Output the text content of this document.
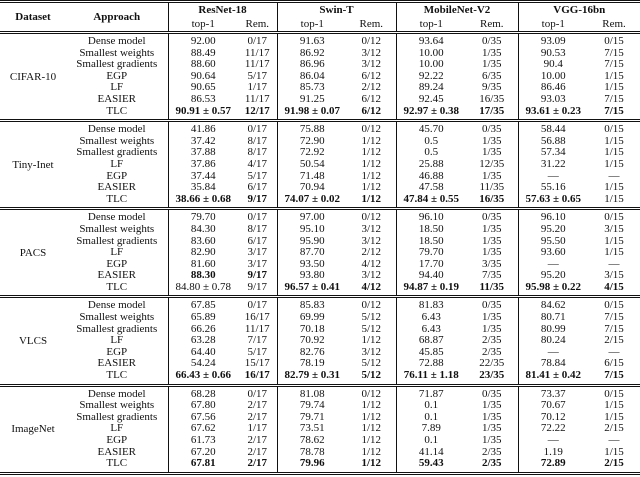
Dataset	Approach	ResNet-18		Swin-T		MobileNet-V2		VGG-16bn	
		top-1	Rem.	top-1	Rem.	top-1	Rem.	top-1	Rem.
CIFAR-10	Dense model	92.00	0/17	91.63	0/12	93.64	0/35	93.09	0/15
	Smallest weights	88.49	11/17	86.92	3/12	10.00	1/35	90.53	7/15
	Smallest gradients	88.60	11/17	86.96	3/12	10.00	1/35	90.4	7/15
	EGP	90.64	5/17	86.04	6/12	92.22	6/35	10.00	1/15
	LF	90.65	1/17	85.73	2/12	89.24	9/35	86.46	1/15
	EASIER	86.53	11/17	91.25	6/12	92.45	16/35	93.03	7/15
	TLC	90.91 ± 0.57	12/17	91.98 ± 0.07	6/12	92.97 ± 0.38	17/35	93.61 ± 0.23	7/15
Tiny-Inet	Dense model	41.86	0/17	75.88	0/12	45.70	0/35	58.44	0/15
	Smallest weights	37.42	8/17	72.90	1/12	0.5	1/35	56.88	1/15
	Smallest gradients	37.88	8/17	72.92	1/12	0.5	1/35	57.34	1/15
	LF	37.86	4/17	50.54	1/12	25.88	12/35	31.22	1/15
	EGP	37.44	5/17	71.48	1/12	46.88	1/35	—	—
	EASIER	35.84	6/17	70.94	1/12	47.58	11/35	55.16	1/15
	TLC	38.66 ± 0.68	9/17	74.07 ± 0.02	1/12	47.84 ± 0.55	16/35	57.63 ± 0.65	1/15
PACS	Dense model	79.70	0/17	97.00	0/12	96.10	0/35	96.10	0/15
	Smallest weights	84.30	8/17	95.10	3/12	18.50	1/35	95.20	3/15
	Smallest gradients	83.60	6/17	95.90	3/12	18.50	1/35	95.50	1/15
	LF	82.90	3/17	87.70	2/12	79.70	1/35	93.60	1/15
	EGP	81.60	3/17	93.50	4/12	17.70	3/35	—	—
	EASIER	88.30	9/17	93.80	3/12	94.40	7/35	95.20	3/15
	TLC	84.80 ± 0.78	9/17	96.57 ± 0.41	4/12	94.87 ± 0.19	11/35	95.98 ± 0.22	4/15
VLCS	Dense model	67.85	0/17	85.83	0/12	81.83	0/35	84.62	0/15
	Smallest weights	65.89	16/17	69.99	5/12	6.43	1/35	80.71	7/15
	Smallest gradients	66.26	11/17	70.18	5/12	6.43	1/35	80.99	7/15
	LF	63.28	7/17	70.92	1/12	68.87	2/35	80.24	2/15
	EGP	64.40	5/17	82.76	3/12	45.85	2/35	—	—
	EASIER	54.24	15/17	78.19	5/12	72.88	22/35	78.84	6/15
	TLC	66.43 ± 0.66	16/17	82.79 ± 0.31	5/12	76.11 ± 1.18	23/35	81.41 ± 0.42	7/15
ImageNet	Dense model	68.28	0/17	81.08	0/12	71.87	0/35	73.37	0/15
	Smallest weights	67.80	2/17	79.74	1/12	0.1	1/35	70.67	1/15
	Smallest gradients	67.56	2/17	79.71	1/12	0.1	1/35	70.12	1/15
	LF	67.62	1/17	73.51	1/12	7.89	1/35	72.22	2/15
	EGP	61.73	2/17	78.62	1/12	0.1	1/35	—	—
	EASIER	67.20	2/17	78.78	1/12	41.14	2/35	1.19	1/15
	TLC	67.81	2/17	79.96	1/12	59.43	2/35	72.89	2/15
